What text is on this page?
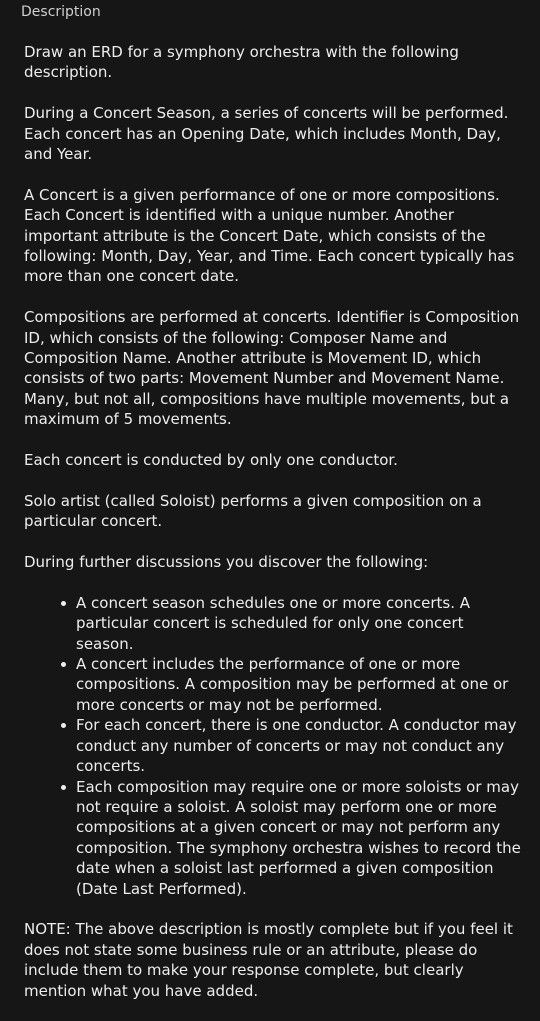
Description

Draw an ERD for a symphony orchestra with the following description.

During a Concert Season, a series of concerts will be performed. Each concert has an Opening Date, which includes Month, Day, and Year.

A Concert is a given performance of one or more compositions. Each Concert is identified with a unique number. Another important attribute is the Concert Date, which consists of the following: Month, Day, Year, and Time. Each concert typically has more than one concert date.

Compositions are performed at concerts. Identifier is Composition ID, which consists of the following: Composer Name and Composition Name. Another attribute is Movement ID, which consists of two parts: Movement Number and Movement Name. Many, but not all, compositions have multiple movements, but a maximum of 5 movements.

Each concert is conducted by only one conductor.

Solo artist (called Soloist) performs a given composition on a particular concert.

During further discussions you discover the following:

A concert season schedules one or more concerts. A particular concert is scheduled for only one concert season.
A concert includes the performance of one or more compositions. A composition may be performed at one or more concerts or may not be performed.
For each concert, there is one conductor. A conductor may conduct any number of concerts or may not conduct any concerts.
Each composition may require one or more soloists or may not require a soloist. A soloist may perform one or more compositions at a given concert or may not perform any composition. The symphony orchestra wishes to record the date when a soloist last performed a given composition (Date Last Performed).

NOTE: The above description is mostly complete but if you feel it does not state some business rule or an attribute, please do include them to make your response complete, but clearly mention what you have added.
